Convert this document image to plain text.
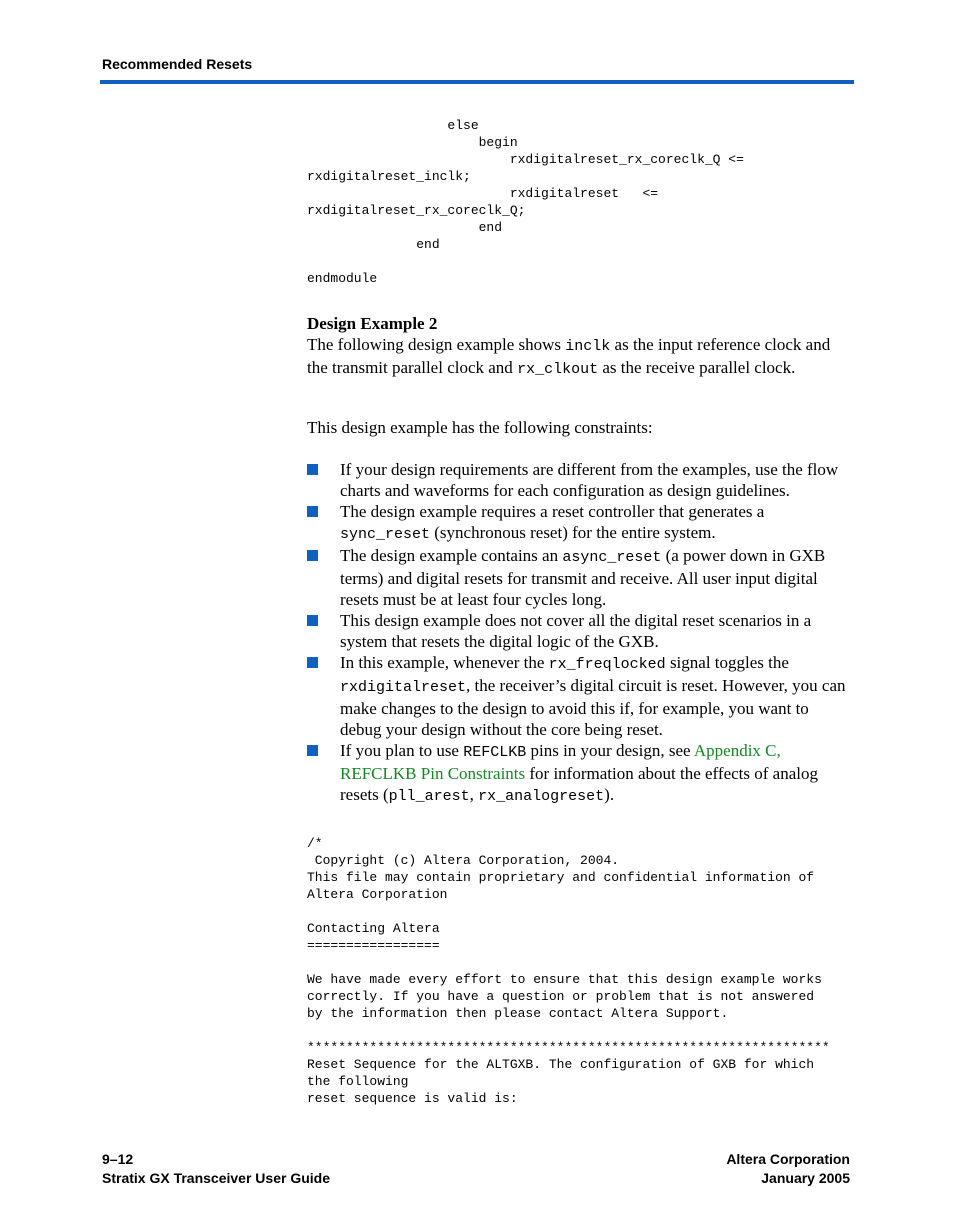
Recommended Resets
else
begin
rxdigitalreset_rx_coreclk_Q <=
rxdigitalreset_inclk;
rxdigitalreset   <=
rxdigitalreset_rx_coreclk_Q;
end
end

endmodule
Design Example 2
The following design example shows inclk as the input reference clock and the transmit parallel clock and rx_clkout as the receive parallel clock.
This design example has the following constraints:
If your design requirements are different from the examples, use the flow charts and waveforms for each configuration as design guidelines.
The design example requires a reset controller that generates a sync_reset (synchronous reset) for the entire system.
The design example contains an async_reset (a power down in GXB terms) and digital resets for transmit and receive. All user input digital resets must be at least four cycles long.
This design example does not cover all the digital reset scenarios in a system that resets the digital logic of the GXB.
In this example, whenever the rx_freqlocked signal toggles the rxdigitalreset, the receiver’s digital circuit is reset. However, you can make changes to the design to avoid this if, for example, you want to debug your design without the core being reset.
If you plan to use REFCLKB pins in your design, see Appendix C, REFCLKB Pin Constraints for information about the effects of analog resets (pll_arest, rx_analogreset).
/*
Copyright (c) Altera Corporation, 2004.
This file may contain proprietary and confidential information of
Altera Corporation

Contacting Altera
=================

We have made every effort to ensure that this design example works
correctly. If you have a question or problem that is not answered
by the information then please contact Altera Support.

*******************************************************************
Reset Sequence for the ALTGXB. The configuration of GXB for which
the following
reset sequence is valid is:
9–12
Stratix GX Transceiver User Guide
Altera Corporation
January 2005
